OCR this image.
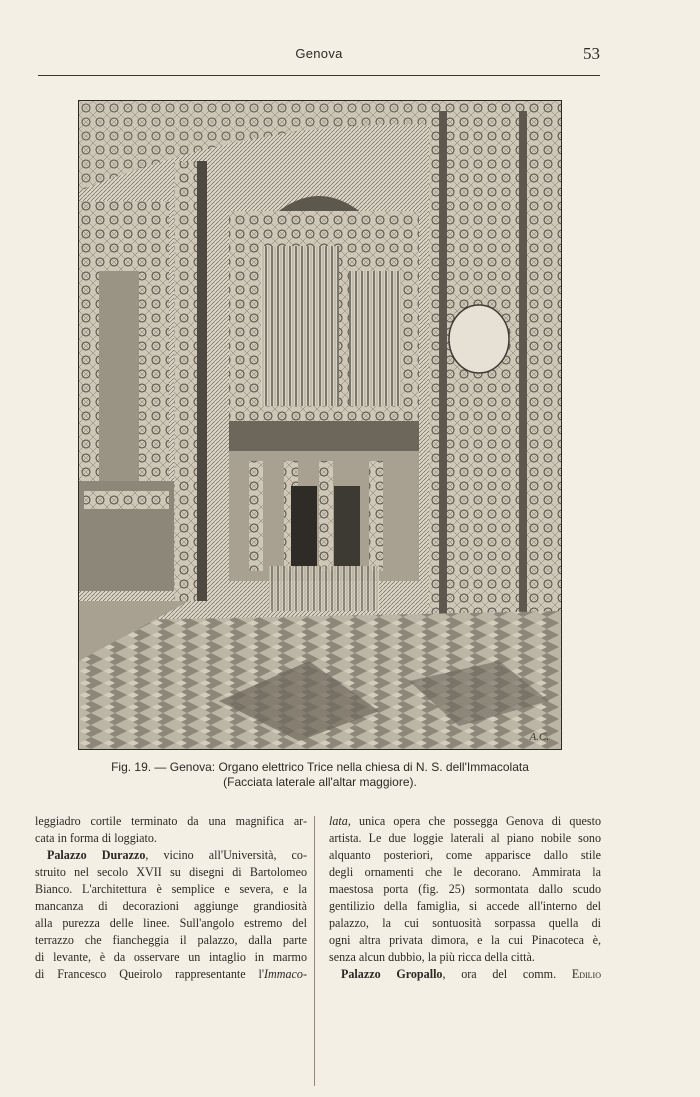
Genova	53
A.C.
Fig. 19. — Genova: Organo elettrico Trice nella chiesa di N. S. dell'Immacolata
(Facciata laterale all'altar maggiore).
leggiadro cortile terminato da una magnifica ar-
cata in forma di loggiato.
Palazzo Durazzo, vicino all'Università, co-
struito nel secolo XVII su disegni di Bartolomeo
Bianco. L'architettura è semplice e severa, e la
mancanza di decorazioni aggiunge grandiosità
alla purezza delle linee. Sull'angolo estremo del
terrazzo che fiancheggia il palazzo, dalla parte
di levante, è da osservare un intaglio in marmo
di Francesco Queirolo rappresentante l'Immaco-
lata, unica opera che possegga Genova di questo
artista. Le due loggie laterali al piano nobile sono
alquanto posteriori, come apparisce dallo stile
degli ornamenti che le decorano. Ammirata la
maestosa porta (fig. 25) sormontata dallo scudo
gentilizio della famiglia, si accede all'interno del
palazzo, la cui sontuosità sorpassa quella di
ogni altra privata dimora, e la cui Pinacoteca è,
senza alcun dubbio, la più ricca della città.
Palazzo Gropallo, ora del comm. Edilio
